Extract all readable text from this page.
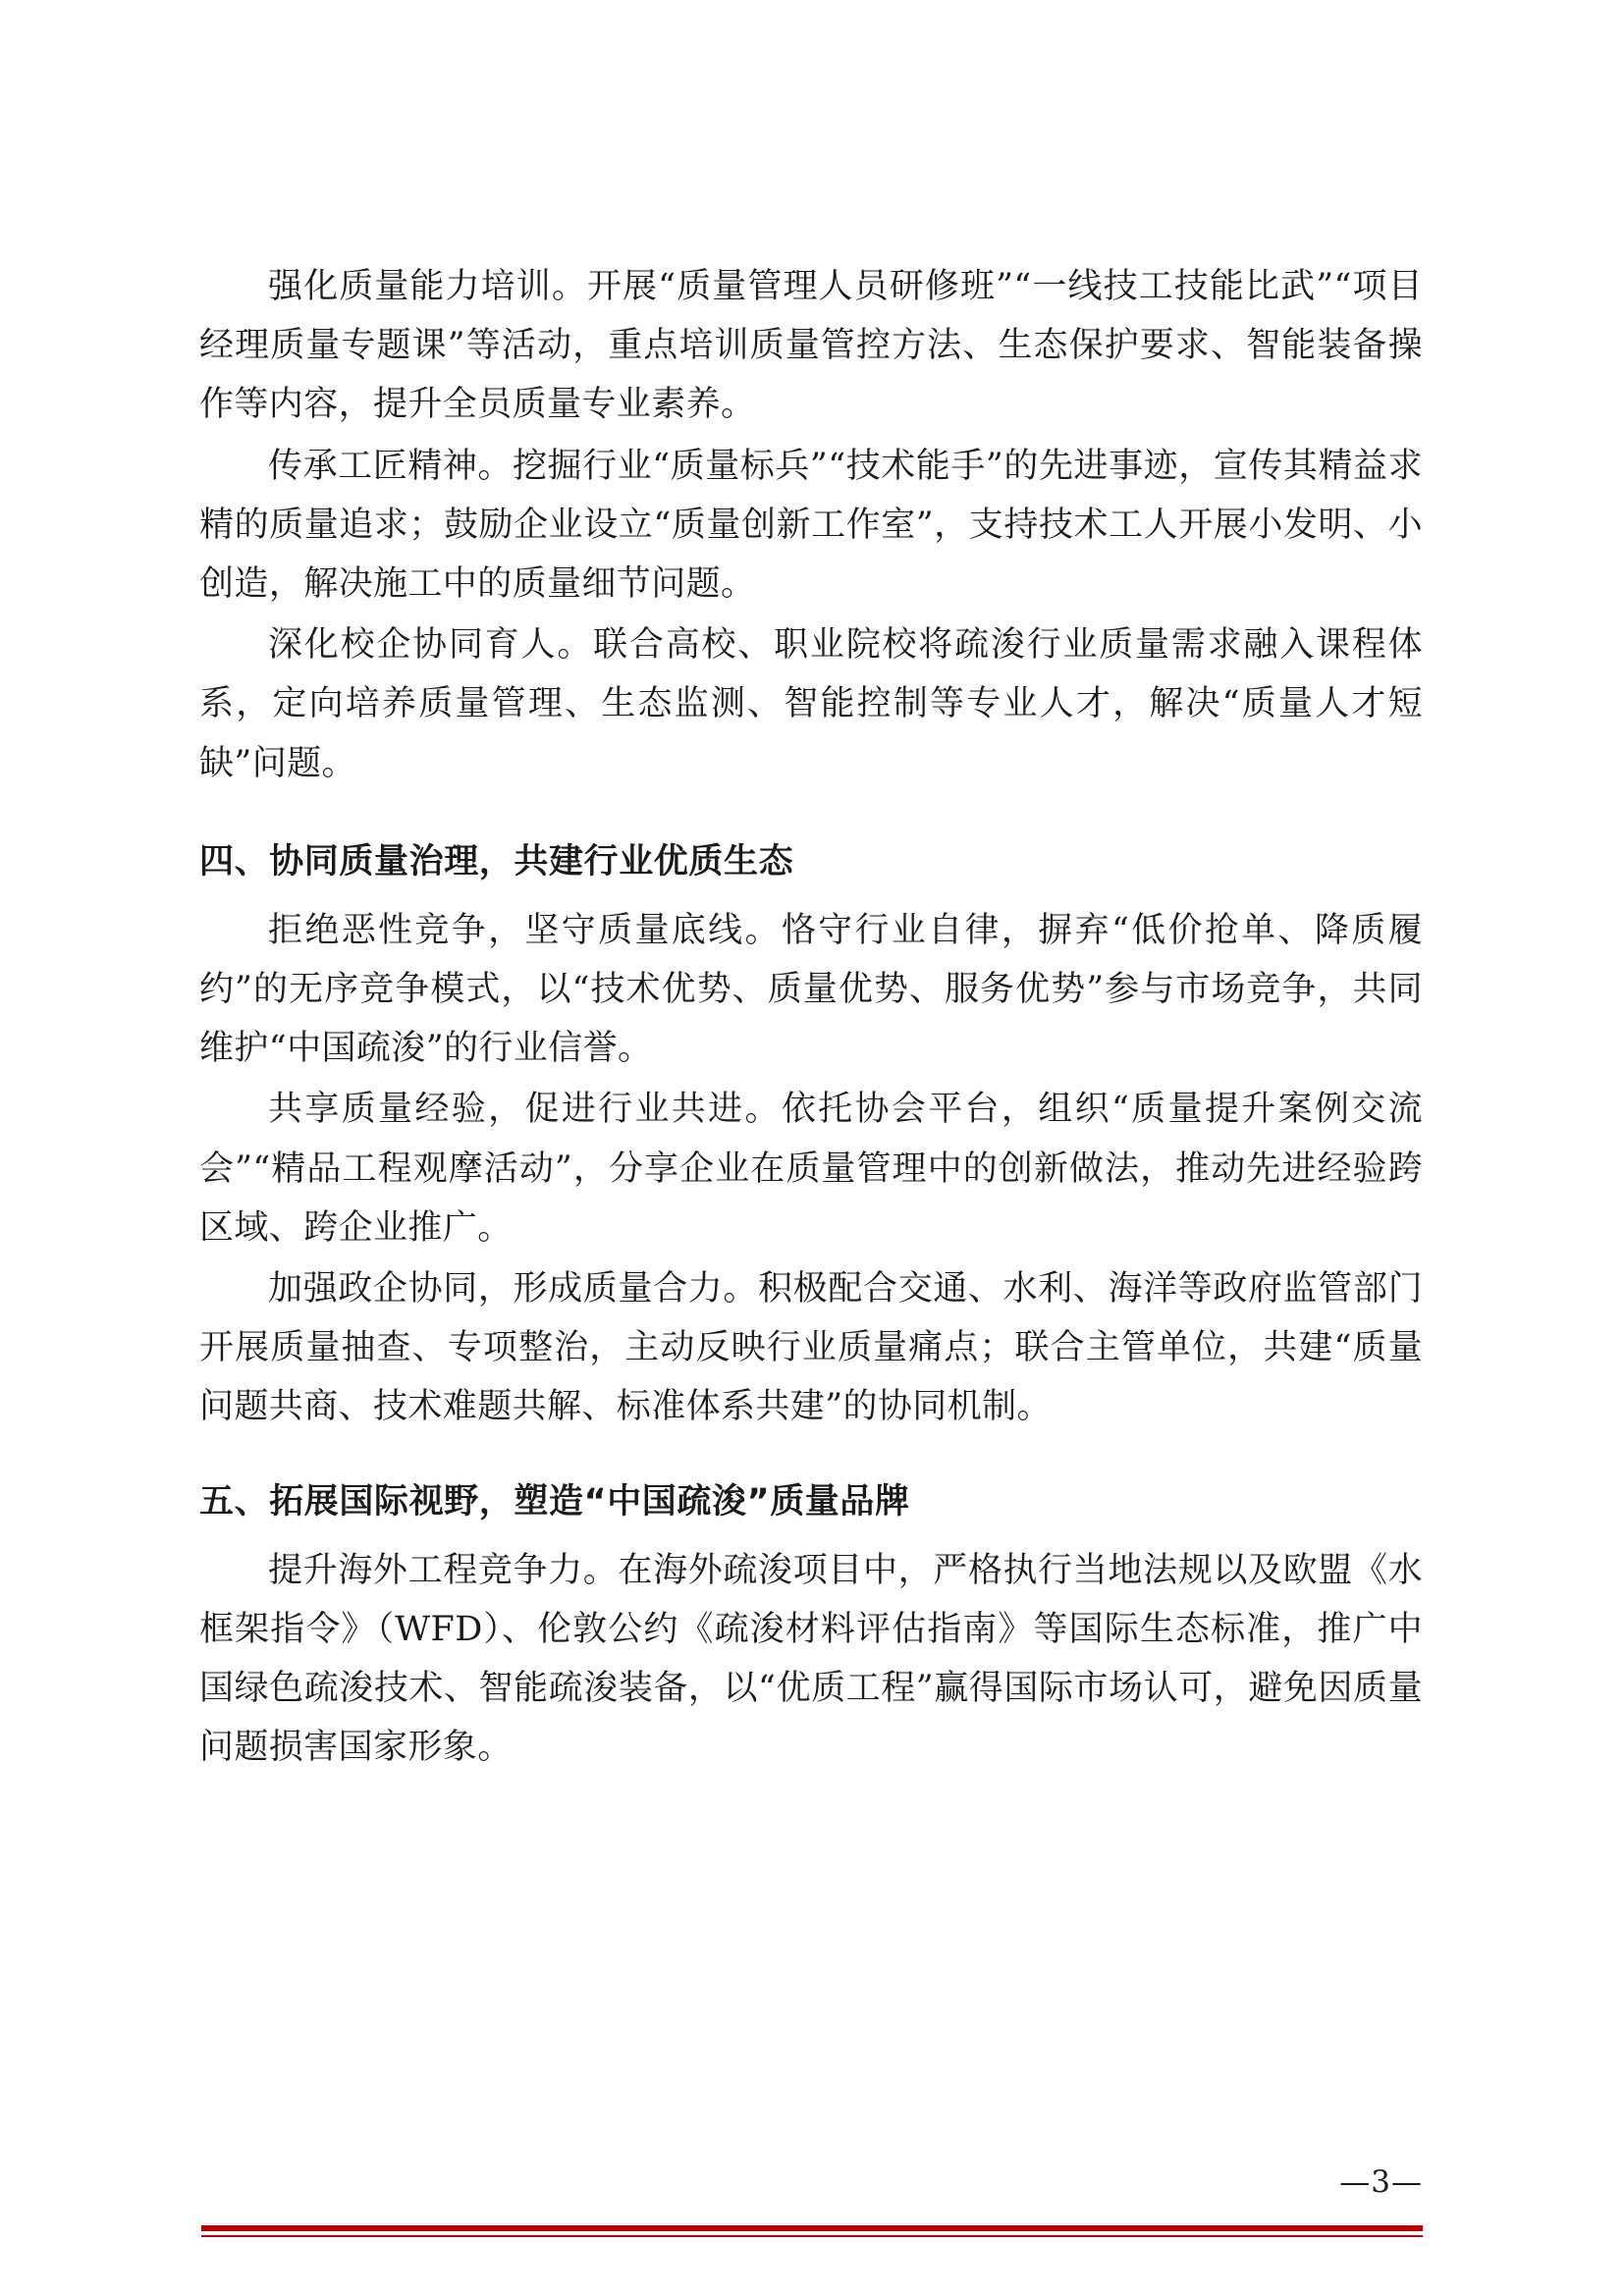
强化质量能力培训。开展“质量管理人员研修班”“一线技工技能比武”“项目经理质量专题课”等活动，重点培训质量管控方法、生态保护要求、智能装备操作等内容，提升全员质量专业素养。

传承工匠精神。挖掘行业“质量标兵”“技术能手”的先进事迹，宣传其精益求精的质量追求；鼓励企业设立“质量创新工作室”，支持技术工人开展小发明、小创造，解决施工中的质量细节问题。

深化校企协同育人。联合高校、职业院校将疏浚行业质量需求融入课程体系，定向培养质量管理、生态监测、智能控制等专业人才，解决“质量人才短缺”问题。

四、协同质量治理，共建行业优质生态

拒绝恶性竞争，坚守质量底线。恪守行业自律，摒弃“低价抢单、降质履约”的无序竞争模式，以“技术优势、质量优势、服务优势”参与市场竞争，共同维护“中国疏浚”的行业信誉。

共享质量经验，促进行业共进。依托协会平台，组织“质量提升案例交流会”“精品工程观摩活动”，分享企业在质量管理中的创新做法，推动先进经验跨区域、跨企业推广。

加强政企协同，形成质量合力。积极配合交通、水利、海洋等政府监管部门开展质量抽查、专项整治，主动反映行业质量痛点；联合主管单位，共建“质量问题共商、技术难题共解、标准体系共建”的协同机制。

五、拓展国际视野，塑造“中国疏浚”质量品牌

提升海外工程竞争力。在海外疏浚项目中，严格执行当地法规以及欧盟《水框架指令》（WFD）、伦敦公约《疏浚材料评估指南》等国际生态标准，推广中国绿色疏浚技术、智能疏浚装备，以“优质工程”赢得国际市场认可，避免因质量问题损害国家形象。

—3—
